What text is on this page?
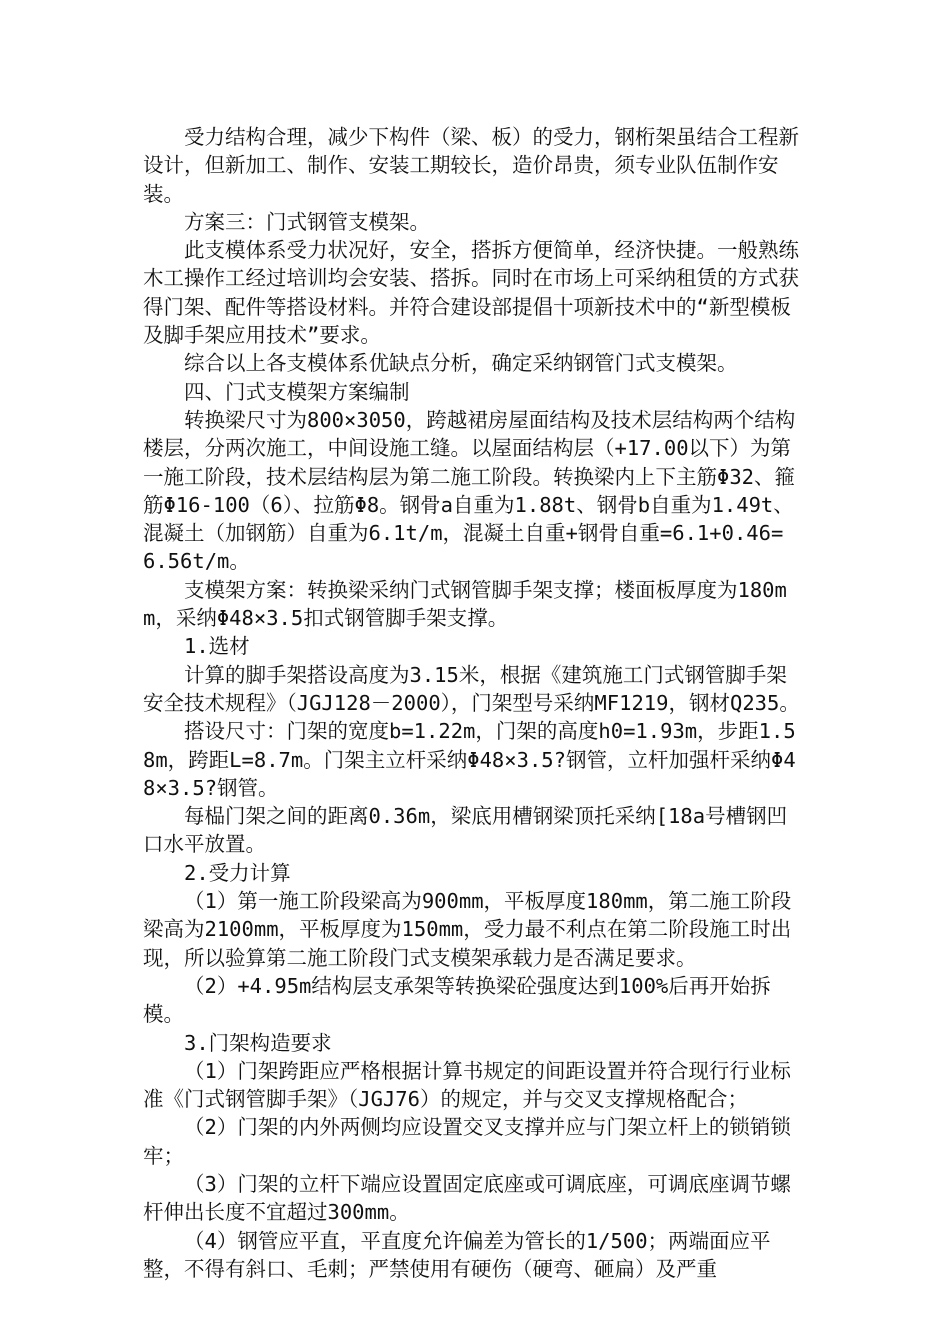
受力结构合理，减少下构件（梁、板）的受力，钢桁架虽结合工程新设计，但新加工、制作、安装工期较长，造价昂贵，须专业队伍制作安装。

方案三：门式钢管支模架。

此支模体系受力状况好，安全，搭拆方便简单，经济快捷。一般熟练木工操作工经过培训均会安装、搭拆。同时在市场上可采纳租赁的方式获得门架、配件等搭设材料。并符合建设部提倡十项新技术中的“新型模板及脚手架应用技术”要求。

综合以上各支模体系优缺点分析，确定采纳钢管门式支模架。

四、门式支模架方案编制

转换梁尺寸为800×3050，跨越裙房屋面结构及技术层结构两个结构楼层，分两次施工，中间设施工缝。以屋面结构层（+17.00以下）为第一施工阶段，技术层结构层为第二施工阶段。转换梁内上下主筋Φ32、箍筋Φ16-100（6）、拉筋Φ8。钢骨a自重为1.88t、钢骨b自重为1.49t、混凝土（加钢筋）自重为6.1t/m，混凝土自重+钢骨自重=6.1+0.46=6.56t/m。

支模架方案：转换梁采纳门式钢管脚手架支撑；楼面板厚度为180mm，采纳Φ48×3.5扣式钢管脚手架支撑。

1.选材

计算的脚手架搭设高度为3.15米，根据《建筑施工门式钢管脚手架安全技术规程》（JGJ128－2000），门架型号采纳MF1219，钢材Q235。

搭设尺寸：门架的宽度b=1.22m，门架的高度h0=1.93m，步距1.58m，跨距L=8.7m。门架主立杆采纳Φ48×3.5?钢管，立杆加强杆采纳Φ48×3.5?钢管。

每榀门架之间的距离0.36m，梁底用槽钢梁顶托采纳[18a号槽钢凹口水平放置。

2.受力计算

（1）第一施工阶段梁高为900mm，平板厚度180mm，第二施工阶段梁高为2100mm，平板厚度为150mm，受力最不利点在第二阶段施工时出现，所以验算第二施工阶段门式支模架承载力是否满足要求。

（2）+4.95m结构层支承架等转换梁砼强度达到100%后再开始拆模。

3.门架构造要求

（1）门架跨距应严格根据计算书规定的间距设置并符合现行行业标准《门式钢管脚手架》（JGJ76）的规定，并与交叉支撑规格配合；

（2）门架的内外两侧均应设置交叉支撑并应与门架立杆上的锁销锁牢；

（3）门架的立杆下端应设置固定底座或可调底座，可调底座调节螺杆伸出长度不宜超过300mm。

（4）钢管应平直，平直度允许偏差为管长的1/500；两端面应平整，不得有斜口、毛刺；严禁使用有硬伤（硬弯、砸扁）及严重
